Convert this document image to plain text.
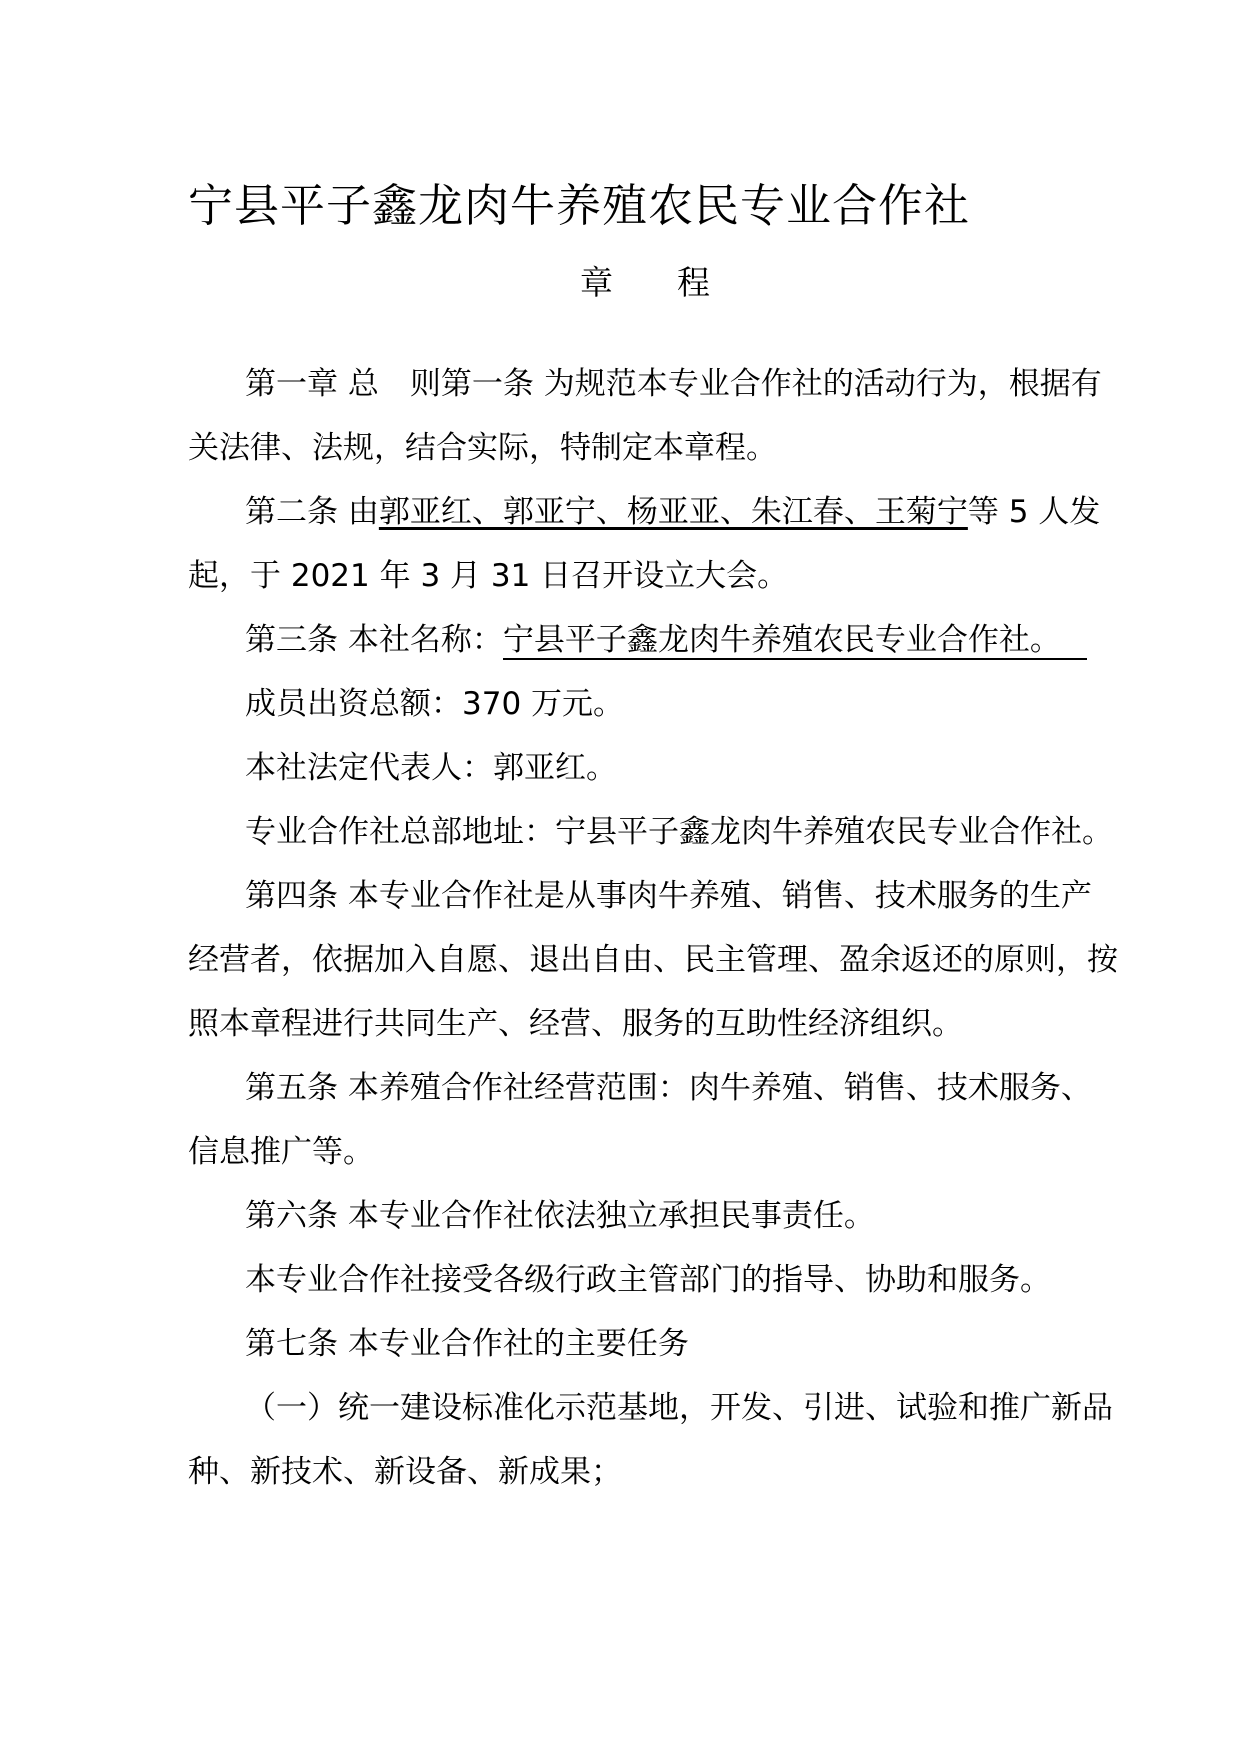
宁县平子鑫龙肉牛养殖农民专业合作社
章 程

第一章 总　则第一条 为规范本专业合作社的活动行为，根据有关法律、法规，结合实际，特制定本章程。

第二条 由郭亚红、郭亚宁、杨亚亚、朱江春、王菊宁等 5 人发起，于 2021 年 3 月 31 日召开设立大会。

第三条 本社名称：宁县平子鑫龙肉牛养殖农民专业合作社。

成员出资总额：370 万元。

本社法定代表人：郭亚红。

专业合作社总部地址：宁县平子鑫龙肉牛养殖农民专业合作社。

第四条 本专业合作社是从事肉牛养殖、销售、技术服务的生产经营者，依据加入自愿、退出自由、民主管理、盈余返还的原则，按照本章程进行共同生产、经营、服务的互助性经济组织。

第五条 本养殖合作社经营范围：肉牛养殖、销售、技术服务、信息推广等。

第六条 本专业合作社依法独立承担民事责任。

本专业合作社接受各级行政主管部门的指导、协助和服务。

第七条 本专业合作社的主要任务

（一）统一建设标准化示范基地，开发、引进、试验和推广新品种、新技术、新设备、新成果；
